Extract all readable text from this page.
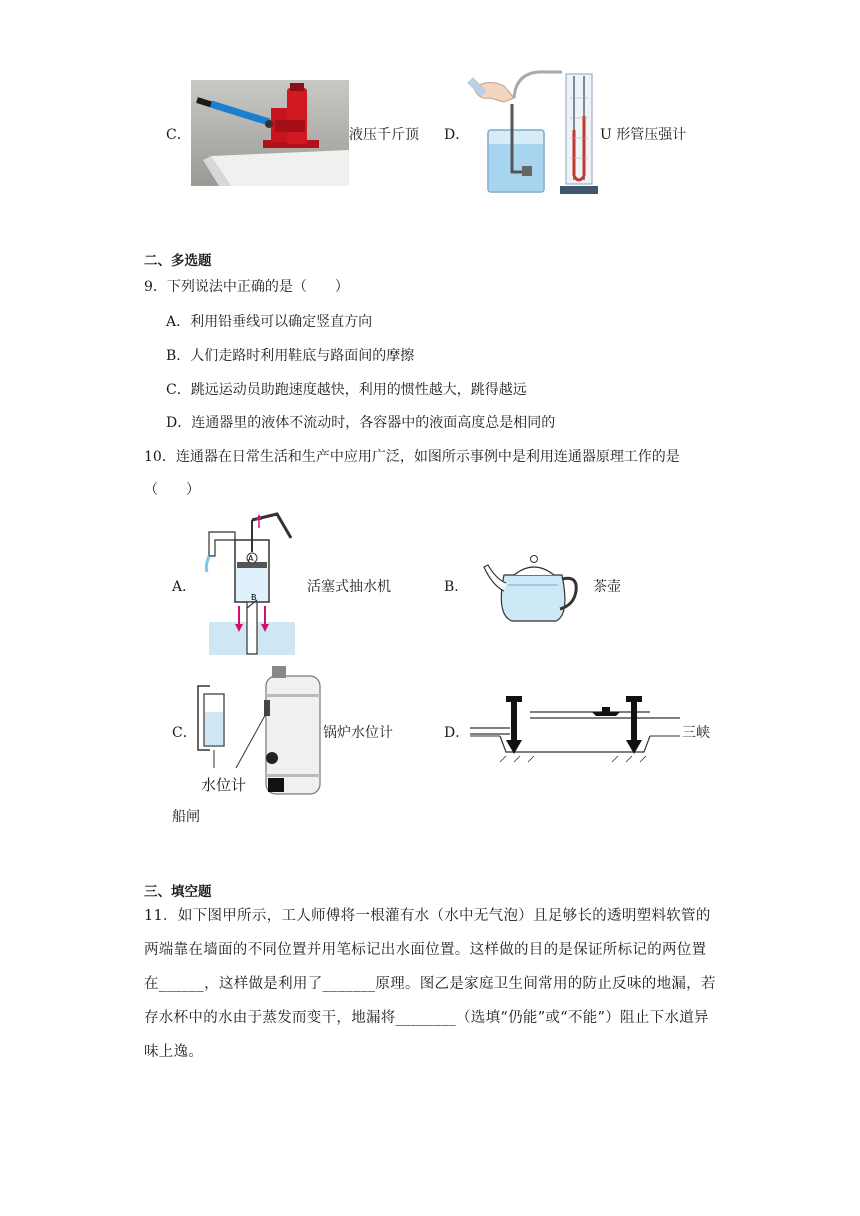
C．	液压千斤顶 D．	U 形管压强计
二、多选题
9．下列说法中正确的是（　　）
A．利用铅垂线可以确定竖直方向
B．人们走路时利用鞋底与路面间的摩擦
C．跳远运动员助跑速度越快，利用的惯性越大，跳得越远
D．连通器里的液体不流动时，各容器中的液面高度总是相同的
10．连通器在日常生活和生产中应用广泛，如图所示事例中是利用连通器原理工作的是
（　　）
A．
A
B
活塞式抽水机	B．	茶壶
C．
水位计
锅炉水位计	D．	三峡
船闸
三、填空题
11．如下图甲所示，工人师傅将一根灌有水（水中无气泡）且足够长的透明塑料软管的
两端靠在墙面的不同位置并用笔标记出水面位置。这样做的目的是保证所标记的两位置
在______，这样做是利用了_______原理。图乙是家庭卫生间常用的防止反味的地漏，若
存水杯中的水由于蒸发而变干，地漏将________（选填“仍能”或“不能”）阻止下水道异
味上逸。
